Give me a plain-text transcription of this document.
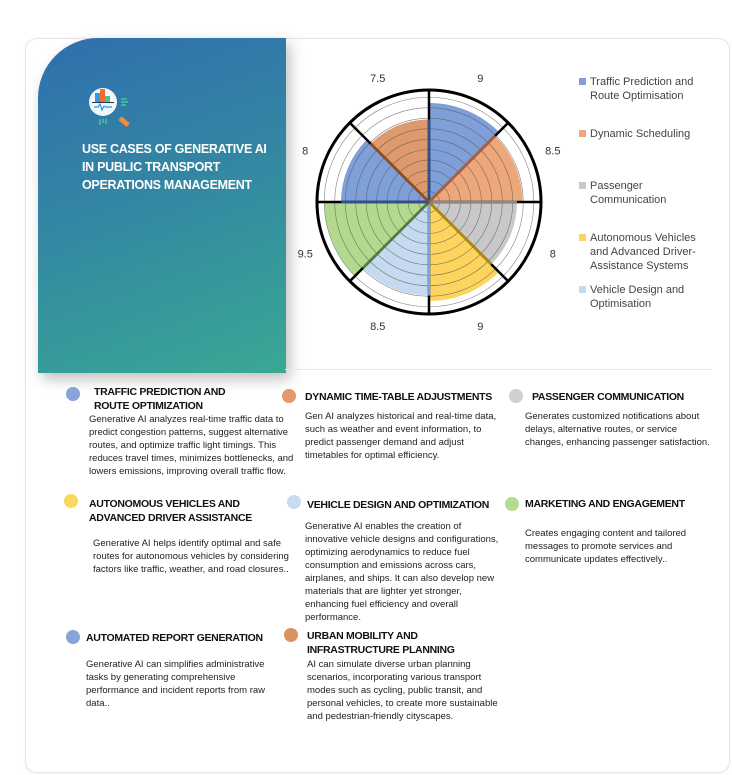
USE CASES OF GENERATIVE AI
IN PUBLIC TRANSPORT
OPERATIONS MANAGEMENT
9
8.5
8
9
8.5
9.5
8
7.5	Traffic Prediction and Route Optimisation
Dynamic Scheduling
Passenger Communication
Autonomous Vehicles and Advanced Driver-Assistance Systems
Vehicle Design and Optimisation
TRAFFIC PREDICTION AND ROUTE OPTIMIZATION
Generative AI analyzes real-time traffic data to predict congestion patterns, suggest alternative routes, and optimize traffic light timings. This reduces travel times, minimizes bottlenecks, and lowers emissions, improving overall traffic flow.
DYNAMIC TIME-TABLE ADJUSTMENTS
Gen AI analyzes historical and real-time data, such as weather and event information, to predict passenger demand and adjust timetables for optimal efficiency.
PASSENGER COMMUNICATION
Generates customized notifications about delays, alternative routes, or service changes, enhancing passenger satisfaction.
AUTONOMOUS VEHICLES AND ADVANCED DRIVER ASSISTANCE
Generative AI helps identify optimal and safe routes for autonomous vehicles by considering factors like traffic, weather, and road closures..
VEHICLE DESIGN AND OPTIMIZATION
Generative AI enables the creation of innovative vehicle designs and configurations, optimizing aerodynamics to reduce fuel consumption and emissions across cars, airplanes, and ships. It can also develop new materials that are lighter yet stronger, enhancing fuel efficiency and overall performance.
MARKETING AND ENGAGEMENT
Creates engaging content and tailored messages to promote services and communicate updates effectively..
AUTOMATED REPORT GENERATION
Generative AI can simplifies administrative tasks by generating comprehensive performance and incident reports from raw data..
URBAN MOBILITY AND INFRASTRUCTURE PLANNING
AI can simulate diverse urban planning scenarios, incorporating various transport modes such as cycling, public transit, and personal vehicles, to create more sustainable and pedestrian-friendly cityscapes.
